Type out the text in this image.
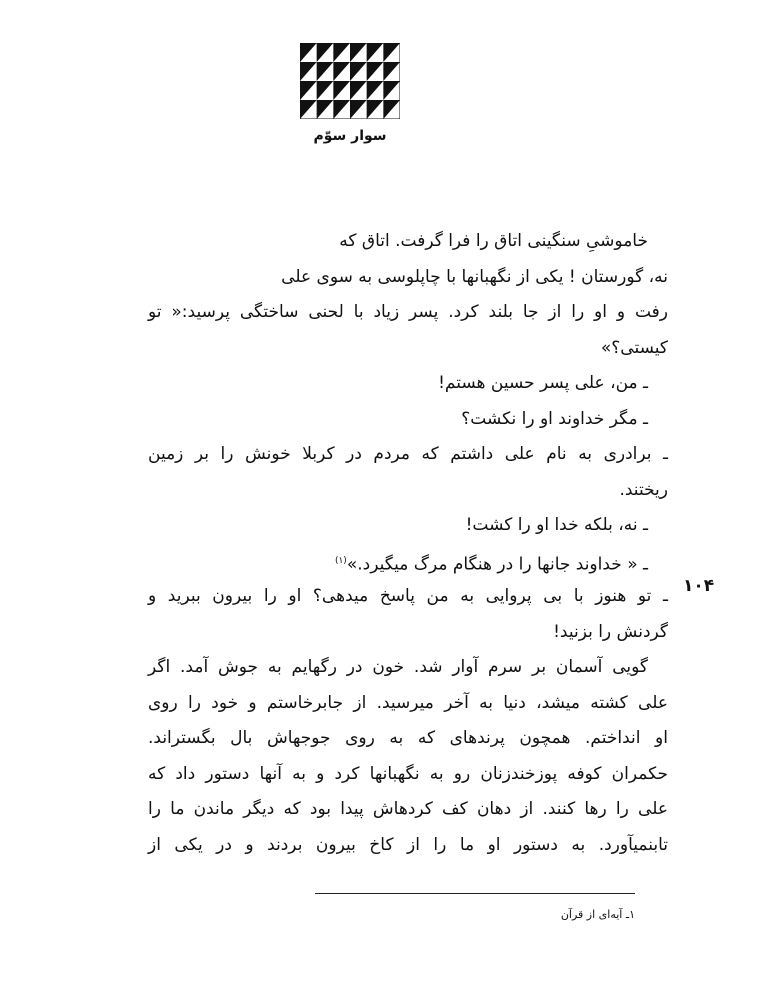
سوار سوّم
خاموشیِ سنگینی اتاق را فرا گرفت. اتاق که
نه، گورستان ! یکی از نگهبانها با چاپلوسی به سوی علی
رفت و او را از جا بلند کرد. پسر زیاد با لحنی ساختگی پرسید:« تو
کیستی؟»
ـ من، علی پسر حسین هستم!
ـ مگر خداوند او را نکشت؟
ـ برادری به نام علی داشتم که مردم در کربلا خونش را بر زمین
ریختند.
ـ نه، بلکه خدا او را کشت!
ـ « خداوند جانها را در هنگام مرگ میگیرد.»$^{(۱)}$
ـ تو هنوز با بی پروایی به من پاسخ میدهی؟ او را بیرون ببرید و
گردنش را بزنید!
گویی آسمان بر سرم آوار شد. خون در رگهایم به جوش آمد. اگر
علی کشته میشد، دنیا به آخر میرسید. از جابرخاستم و خود را روی
او انداختم. همچون پرندهای که به روی جوجهاش بال بگستراند.
حکمران کوفه پوزخندزنان رو به نگهبانها کرد و به آنها دستور داد که
علی را رها کنند. از دهان کف کردهاش پیدا بود که دیگر ماندن ما را
تابنمیآورد. به دستور او ما را از کاخ بیرون بردند و در یکی از
۱۰۴
۱ـ آیه‌ای از قرآن
